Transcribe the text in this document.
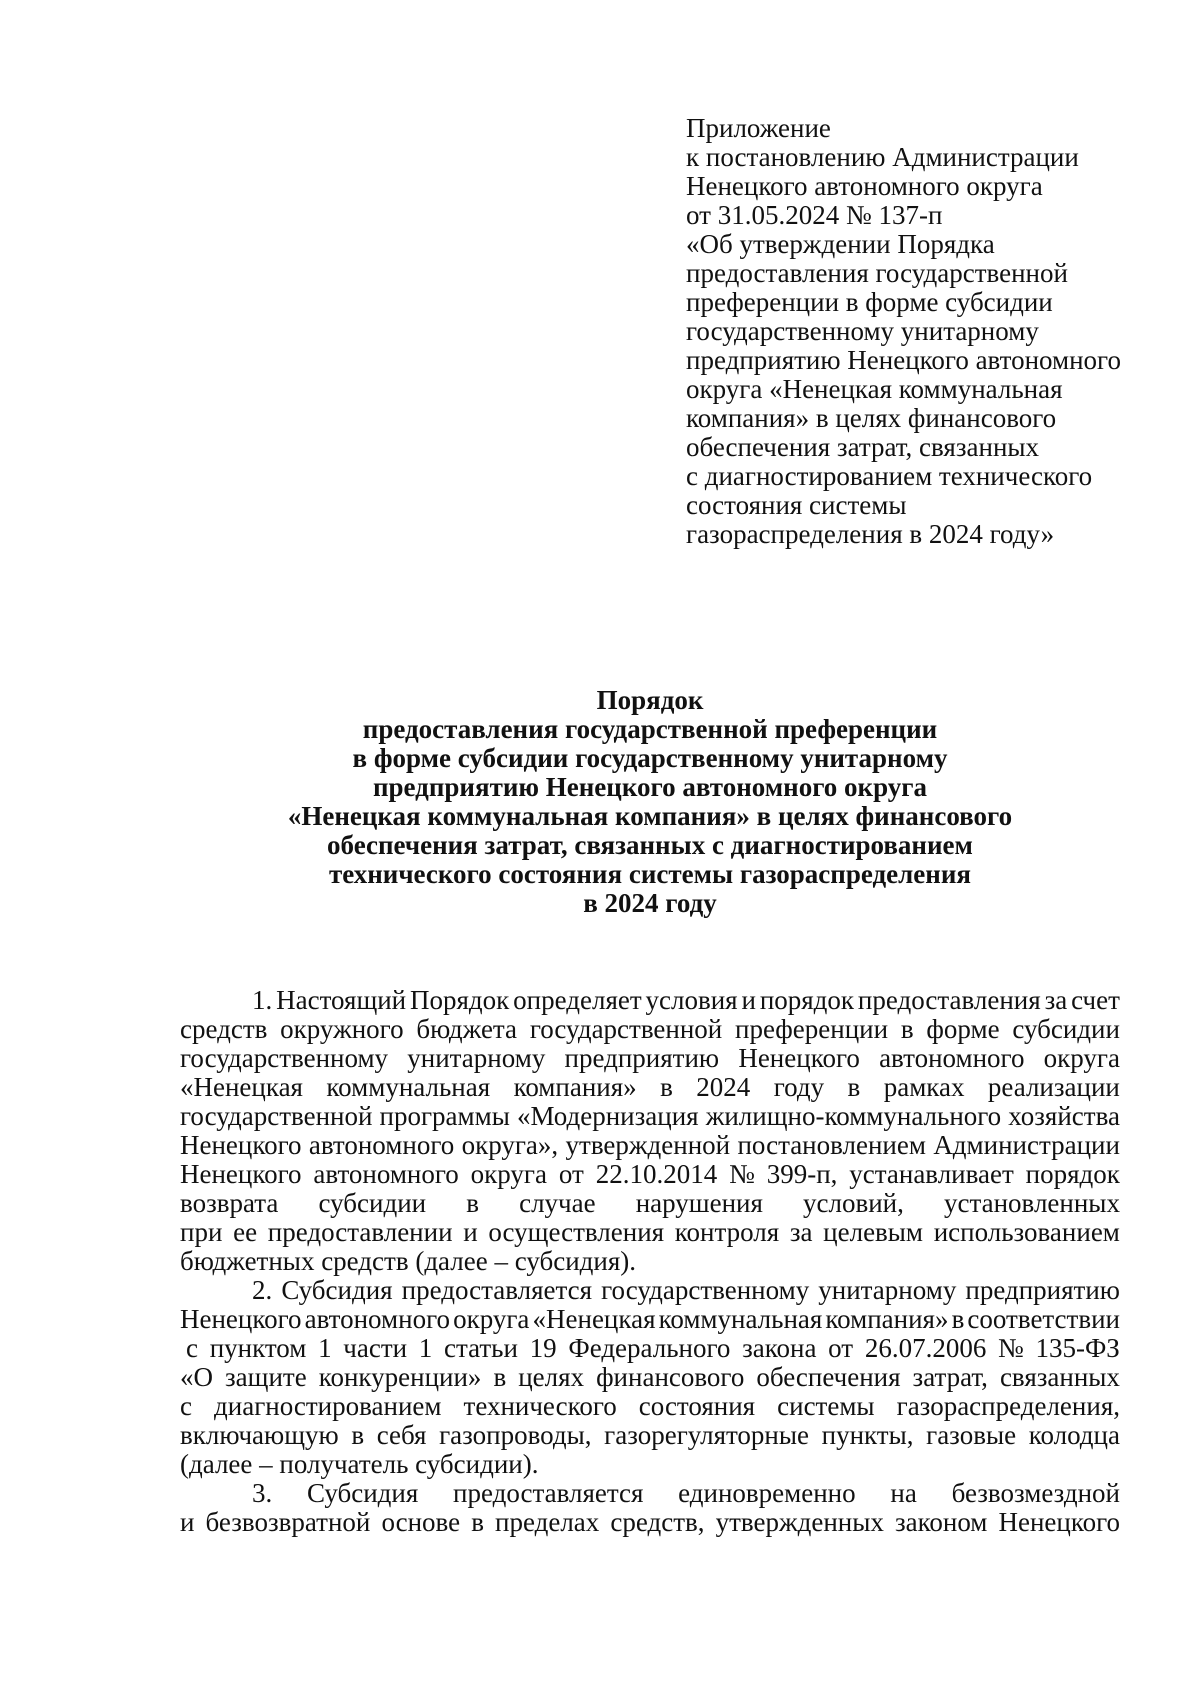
Приложение
к постановлению Администрации
Ненецкого автономного округа
от 31.05.2024 № 137-п
«Об утверждении Порядка
предоставления государственной
преференции в форме субсидии
государственному унитарному
предприятию Ненецкого автономного
округа «Ненецкая коммунальная
компания» в целях финансового
обеспечения затрат, связанных
с диагностированием технического
состояния системы
газораспределения в 2024 году»
Порядок
предоставления государственной преференции
в форме субсидии государственному унитарному
предприятию Ненецкого автономного округа
«Ненецкая коммунальная компания» в целях финансового
обеспечения затрат, связанных с диагностированием
технического состояния системы газораспределения
в 2024 году
1. Настоящий Порядок определяет условия и порядок предоставления за счет
средств окружного бюджета государственной преференции в форме субсидии
государственному унитарному предприятию Ненецкого автономного округа
«Ненецкая коммунальная компания» в 2024 году в рамках реализации
государственной программы «Модернизация жилищно-коммунального хозяйства
Ненецкого автономного округа», утвержденной постановлением Администрации
Ненецкого автономного округа от 22.10.2014 № 399-п, устанавливает порядок
возврата субсидии в случае нарушения условий, установленных
при ее предоставлении и осуществления контроля за целевым использованием
бюджетных средств (далее – субсидия).
2. Субсидия предоставляется государственному унитарному предприятию
Ненецкого автономного округа «Ненецкая коммунальная компания» в соответствии
с пунктом 1 части 1 статьи 19 Федерального закона от 26.07.2006 № 135-ФЗ
«О защите конкуренции» в целях финансового обеспечения затрат, связанных
с диагностированием технического состояния системы газораспределения,
включающую в себя газопроводы, газорегуляторные пункты, газовые колодца
(далее – получатель субсидии).
3. Субсидия предоставляется единовременно на безвозмездной
и безвозвратной основе в пределах средств, утвержденных законом Ненецкого
